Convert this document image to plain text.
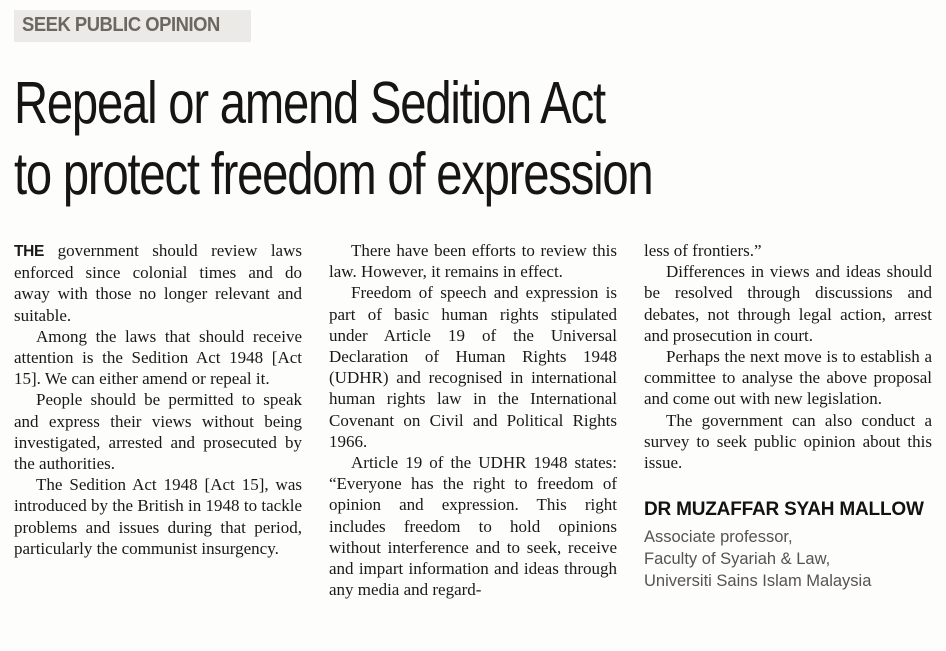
SEEK PUBLIC OPINION
Repeal or amend Sedition Act
to protect freedom of expression

THE government should review laws enforced since colonial times and do away with those no longer relevant and suitable.

Among the laws that should receive attention is the Sedition Act 1948 [Act 15]. We can either amend or repeal it.

People should be permitted to speak and express their views without being investigated, arrested and prosecuted by the authorities.

The Sedition Act 1948 [Act 15], was introduced by the British in 1948 to tackle problems and issues during that period, particularly the communist insurgency.

There have been efforts to review this law. However, it remains in effect.

Freedom of speech and expression is part of basic human rights stipulated under Article 19 of the Universal Declaration of Human Rights 1948 (UDHR) and recognised in international human rights law in the International Covenant on Civil and Political Rights 1966.

Article 19 of the UDHR 1948 states: “Everyone has the right to freedom of opinion and expression. This right includes freedom to hold opinions without interference and to seek, receive and impart information and ideas through any media and regard-

less of frontiers.”

Differences in views and ideas should be resolved through discussions and debates, not through legal action, arrest and prosecution in court.

Perhaps the next move is to establish a committee to analyse the above proposal and come out with new legislation.

The government can also conduct a survey to seek public opinion about this issue.

DR MUZAFFAR SYAH MALLOW
Associate professor,
Faculty of Syariah & Law,
Universiti Sains Islam Malaysia
